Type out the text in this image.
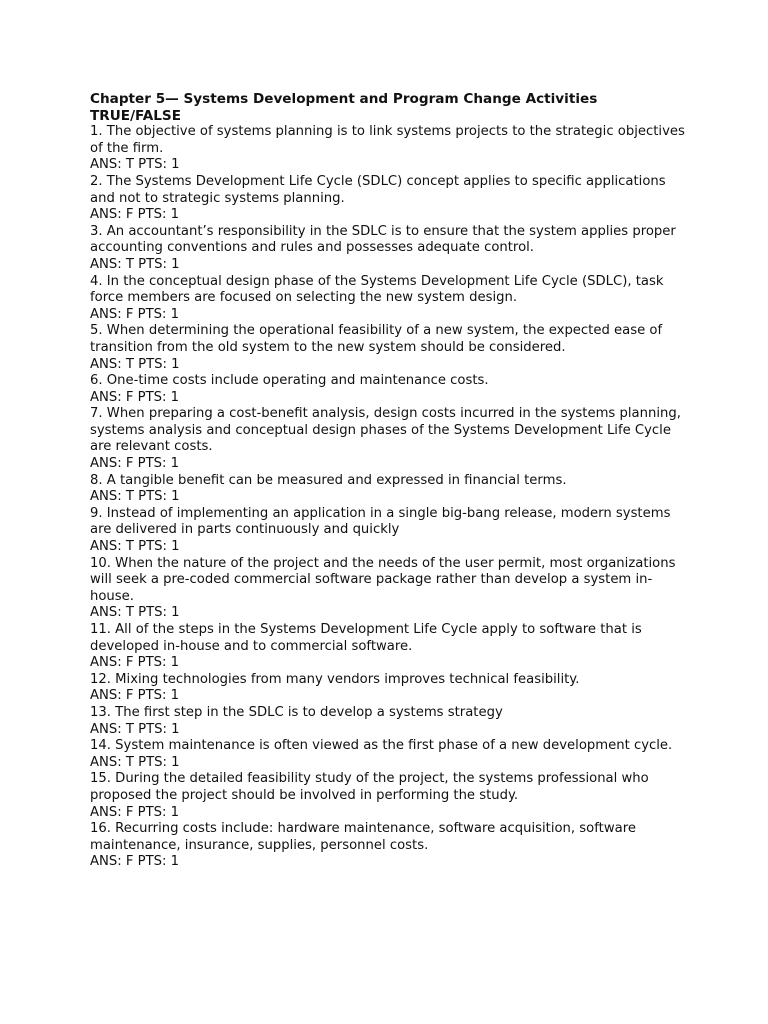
Chapter 5— Systems Development and Program Change Activities
TRUE/FALSE
1. The objective of systems planning is to link systems projects to the strategic objectives of the firm.
ANS: T PTS: 1
2. The Systems Development Life Cycle (SDLC) concept applies to specific applications and not to strategic systems planning.
ANS: F PTS: 1
3. An accountant’s responsibility in the SDLC is to ensure that the system applies proper accounting conventions and rules and possesses adequate control.
ANS: T PTS: 1
4. In the conceptual design phase of the Systems Development Life Cycle (SDLC), task force members are focused on selecting the new system design.
ANS: F PTS: 1
5. When determining the operational feasibility of a new system, the expected ease of transition from the old system to the new system should be considered.
ANS: T PTS: 1
6. One-time costs include operating and maintenance costs.
ANS: F PTS: 1
7. When preparing a cost-benefit analysis, design costs incurred in the systems planning, systems analysis and conceptual design phases of the Systems Development Life Cycle are relevant costs.
ANS: F PTS: 1
8. A tangible benefit can be measured and expressed in financial terms.
ANS: T PTS: 1
9. Instead of implementing an application in a single big-bang release, modern systems are delivered in parts continuously and quickly
ANS: T PTS: 1
10. When the nature of the project and the needs of the user permit, most organizations will seek a pre-coded commercial software package rather than develop a system in-house.
ANS: T PTS: 1
11. All of the steps in the Systems Development Life Cycle apply to software that is developed in-house and to commercial software.
ANS: F PTS: 1
12. Mixing technologies from many vendors improves technical feasibility.
ANS: F PTS: 1
13. The first step in the SDLC is to develop a systems strategy
ANS: T PTS: 1
14. System maintenance is often viewed as the first phase of a new development cycle.
ANS: T PTS: 1
15. During the detailed feasibility study of the project, the systems professional who proposed the project should be involved in performing the study.
ANS: F PTS: 1
16. Recurring costs include: hardware maintenance, software acquisition, software maintenance, insurance, supplies, personnel costs.
ANS: F PTS: 1
